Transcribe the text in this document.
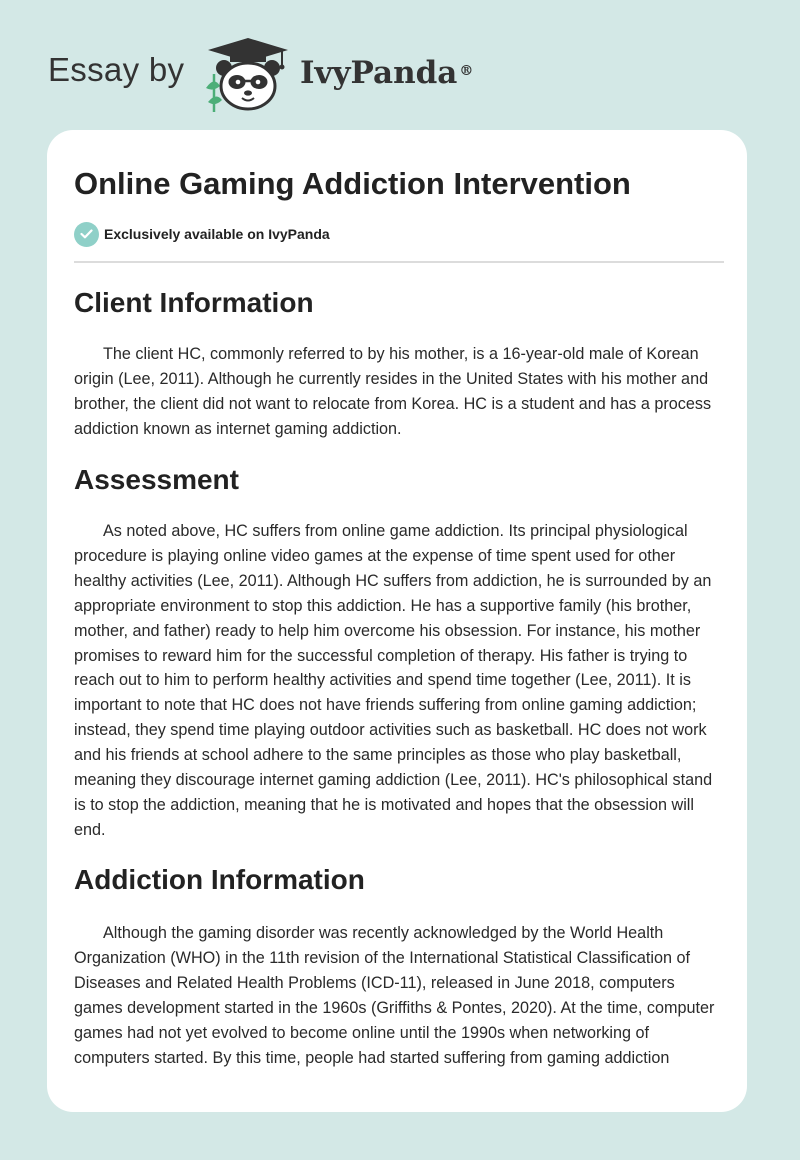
Essay by	IvyPanda ®
Online Gaming Addiction Intervention
Exclusively available on IvyPanda
Client Information

The client HC, commonly referred to by his mother, is a 16-year-old male of Korean origin (Lee, 2011). Although he currently resides in the United States with his mother and brother, the client did not want to relocate from Korea. HC is a student and has a process addiction known as internet gaming addiction.

Assessment

As noted above, HC suffers from online game addiction. Its principal physiological procedure is playing online video games at the expense of time spent used for other healthy activities (Lee, 2011). Although HC suffers from addiction, he is surrounded by an appropriate environment to stop this addiction. He has a supportive family (his brother, mother, and father) ready to help him overcome his obsession. For instance, his mother promises to reward him for the successful completion of therapy. His father is trying to reach out to him to perform healthy activities and spend time together (Lee, 2011). It is important to note that HC does not have friends suffering from online gaming addiction; instead, they spend time playing outdoor activities such as basketball. HC does not work and his friends at school adhere to the same principles as those who play basketball, meaning they discourage internet gaming addiction (Lee, 2011). HC's philosophical stand is to stop the addiction, meaning that he is motivated and hopes that the obsession will end.

Addiction Information

Although the gaming disorder was recently acknowledged by the World Health Organization (WHO) in the 11th revision of the International Statistical Classification of Diseases and Related Health Problems (ICD-11), released in June 2018, computers games development started in the 1960s (Griffiths & Pontes, 2020). At the time, computer games had not yet evolved to become online until the 1990s when networking of computers started. By this time, people had started suffering from gaming addiction
